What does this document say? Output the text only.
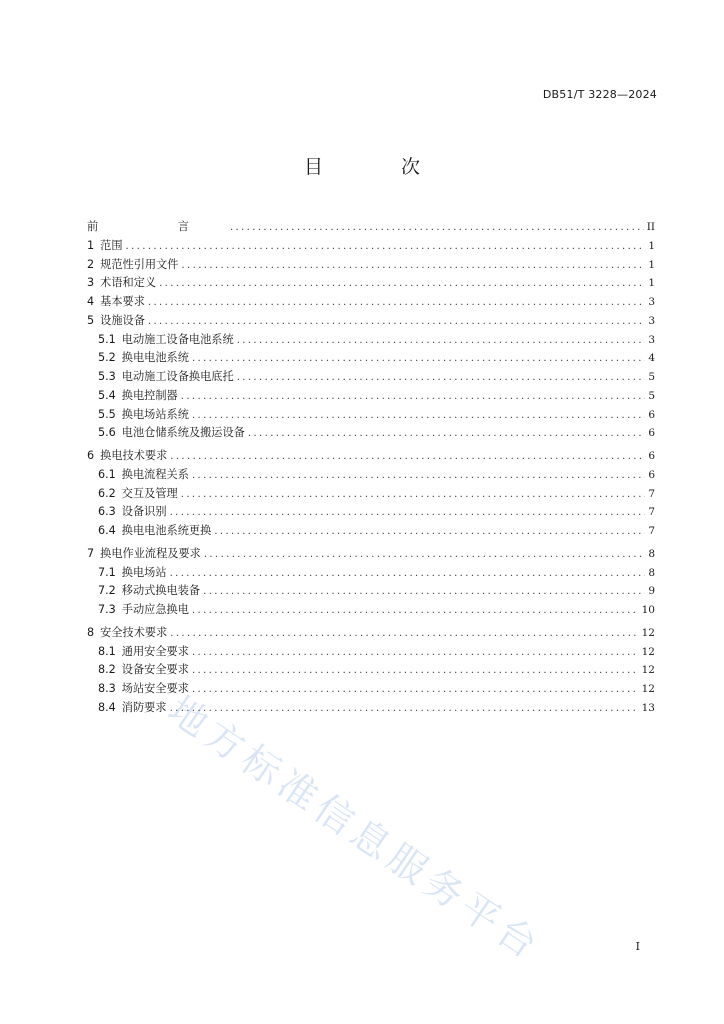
DB51/T 3228—2024
目 次
前 言 .....	II
1 范围 .....	1
2 规范性引用文件 .....	1
3 术语和定义 .....	1
4 基本要求 .....	3
5 设施设备 .....	3
5.1 电动施工设备电池系统 .....	3
5.2 换电电池系统 .....	4
5.3 电动施工设备换电底托 .....	5
5.4 换电控制器 .....	5
5.5 换电场站系统 .....	6
5.6 电池仓储系统及搬运设备 .....	6
6 换电技术要求 .....	6
6.1 换电流程关系 .....	6
6.2 交互及管理 .....	7
6.3 设备识别 .....	7
6.4 换电电池系统更换 .....	7
7 换电作业流程及要求 .....	8
7.1 换电场站 .....	8
7.2 移动式换电装备 .....	9
7.3 手动应急换电 .....	10
8 安全技术要求 .....	12
8.1 通用安全要求 .....	12
8.2 设备安全要求 .....	12
8.3 场站安全要求 .....	12
8.4 消防要求 .....	13
地方标准信息服务平台	I
